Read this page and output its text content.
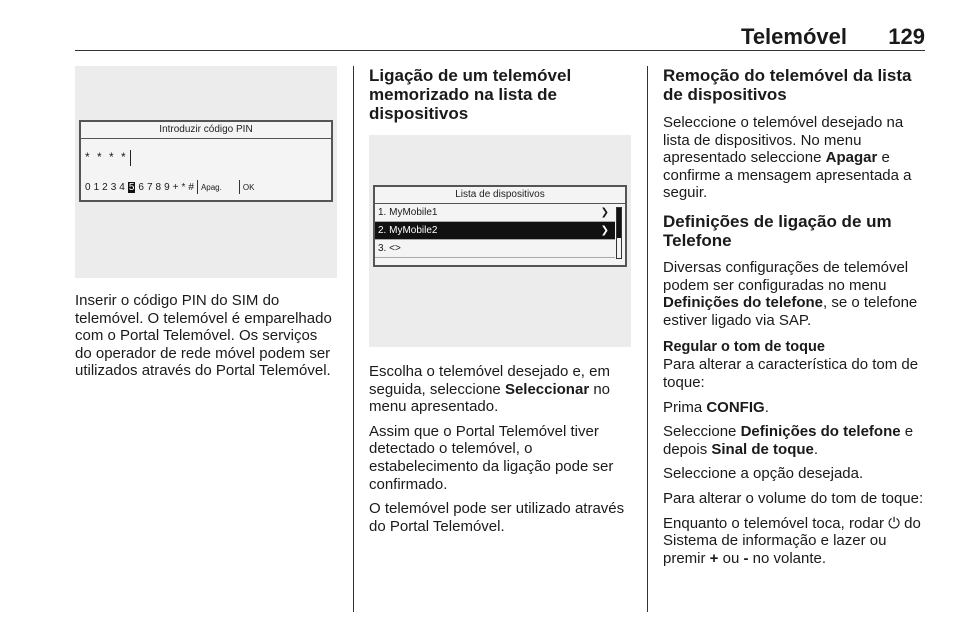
Telemóvel 129
Introduzir código PIN
* * * *
0 1 2 3 4 5 6 7 8 9 + * # Apag.	OK
Inserir o código PIN do SIM do telemóvel. O telemóvel é emparelhado com o Portal Telemóvel. Os serviços do operador de rede móvel podem ser utilizados através do Portal Telemóvel.
Ligação de um telemóvel memorizado na lista de dispositivos
Lista de dispositivos
1. MyMobile1	❯
2. MyMobile2	❯
3. <>
Escolha o telemóvel desejado e, em seguida, seleccione Seleccionar no menu apresentado.
Assim que o Portal Telemóvel tiver detectado o telemóvel, o estabelecimento da ligação pode ser confirmado.
O telemóvel pode ser utilizado através do Portal Telemóvel.
Remoção do telemóvel da lista de dispositivos
Seleccione o telemóvel desejado na lista de dispositivos. No menu apresentado seleccione Apagar e confirme a mensagem apresentada a seguir.
Definições de ligação de um Telefone
Diversas configurações de telemóvel podem ser configuradas no menu Definições do telefone, se o telefone estiver ligado via SAP.
Regular o tom de toque
Para alterar a característica do tom de toque:
Prima CONFIG.
Seleccione Definições do telefone e depois Sinal de toque.
Seleccione a opção desejada.
Para alterar o volume do tom de toque:
Enquanto o telemóvel toca, rodar ⏻ do Sistema de informação e lazer ou premir + ou - no volante.
